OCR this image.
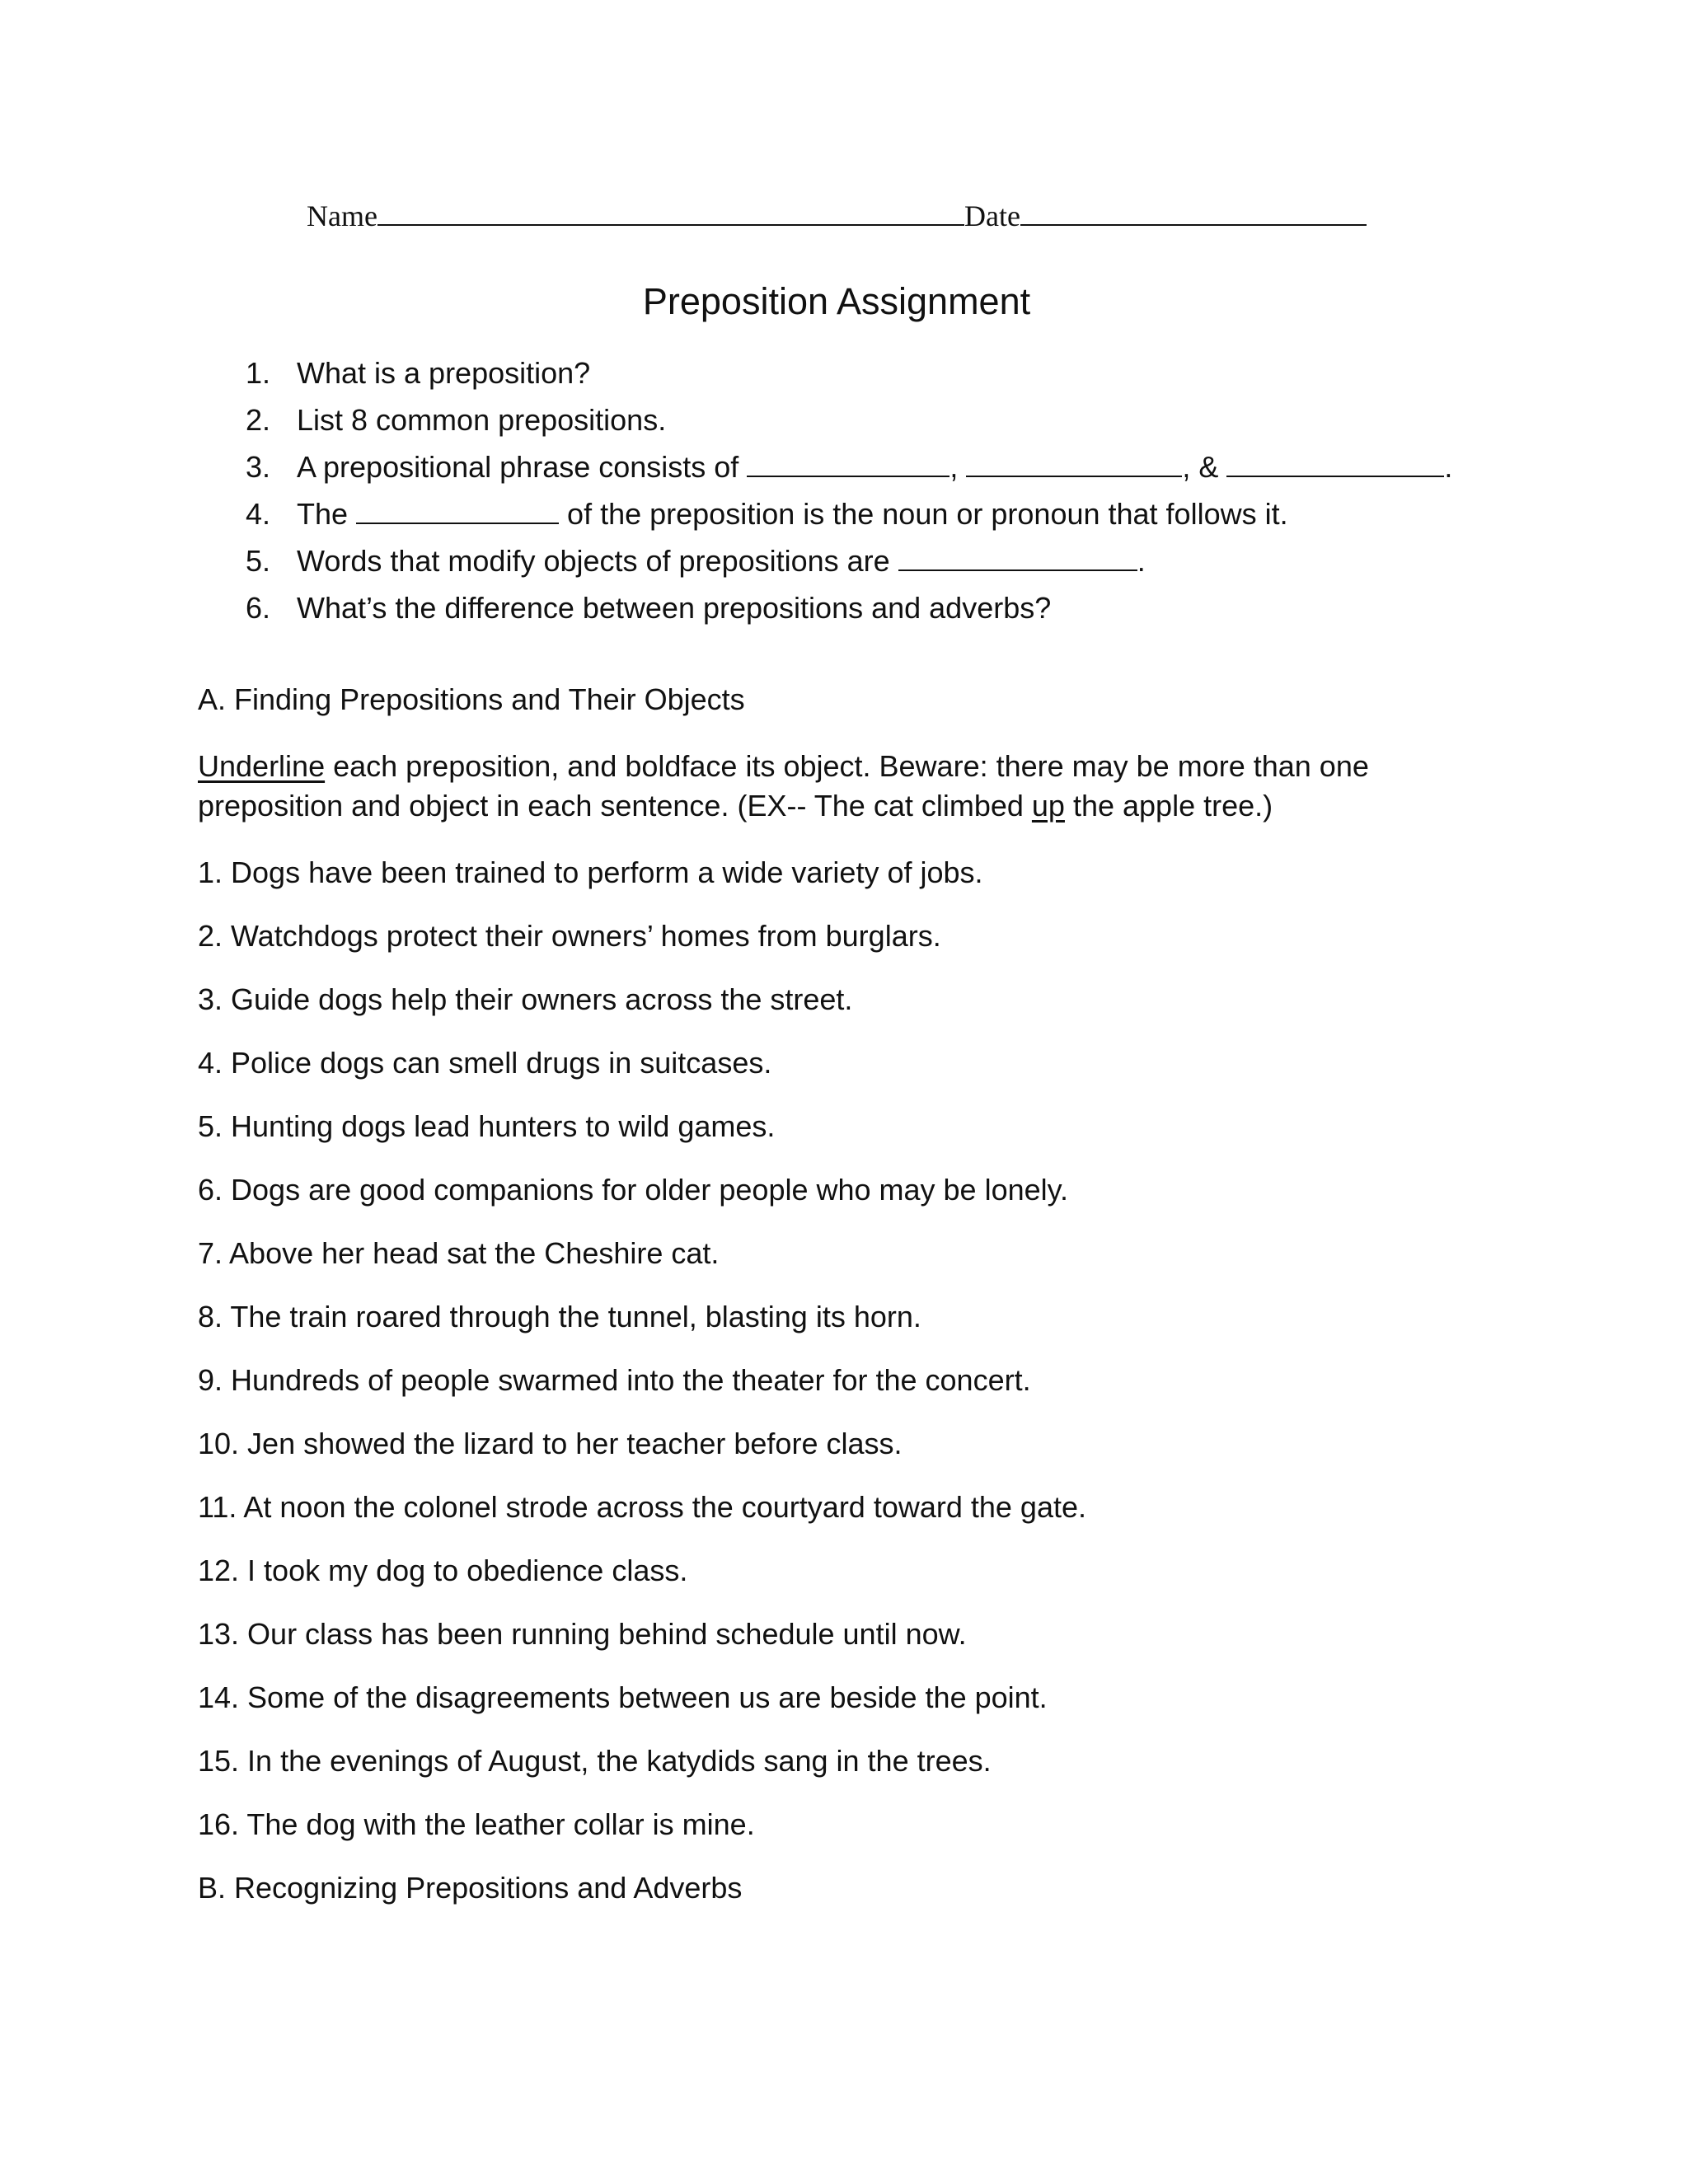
Name	Date
Preposition Assignment
1. What is a preposition?
2. List 8 common prepositions.
3. A prepositional phrase consists of	,	, &	.
4. The	of the preposition is the noun or pronoun that follows it.
5. Words that modify objects of prepositions are	.
6. What’s the difference between prepositions and adverbs?
A. Finding Prepositions and Their Objects
Underline each preposition, and boldface its object. Beware: there may be more than one
preposition and object in each sentence. (EX-- The cat climbed up the apple tree.)
1. Dogs have been trained to perform a wide variety of jobs.
2. Watchdogs protect their owners’ homes from burglars.
3. Guide dogs help their owners across the street.
4. Police dogs can smell drugs in suitcases.
5. Hunting dogs lead hunters to wild games.
6. Dogs are good companions for older people who may be lonely.
7. Above her head sat the Cheshire cat.
8. The train roared through the tunnel, blasting its horn.
9. Hundreds of people swarmed into the theater for the concert.
10. Jen showed the lizard to her teacher before class.
11. At noon the colonel strode across the courtyard toward the gate.
12. I took my dog to obedience class.
13. Our class has been running behind schedule until now.
14. Some of the disagreements between us are beside the point.
15. In the evenings of August, the katydids sang in the trees.
16. The dog with the leather collar is mine.
B. Recognizing Prepositions and Adverbs
